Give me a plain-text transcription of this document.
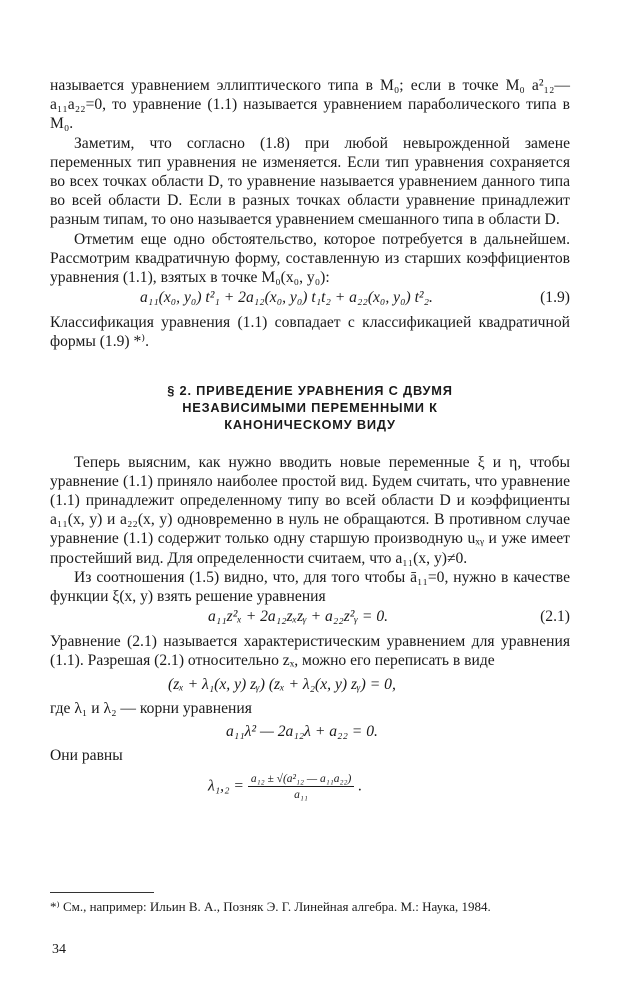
называется уравнением эллиптического типа в M₀; если в точке M₀ a²₁₂—a₁₁a₂₂=0, то уравнение (1.1) называется уравнением параболического типа в M₀.

Заметим, что согласно (1.8) при любой невырожденной замене переменных тип уравнения не изменяется. Если тип уравнения сохраняется во всех точках области D, то уравнение называется уравнением данного типа во всей области D. Если в разных точках области уравнение принадлежит разным типам, то оно называется уравнением смешанного типа в области D.

Отметим еще одно обстоятельство, которое потребуется в дальнейшем. Рассмотрим квадратичную форму, составленную из старших коэффициентов уравнения (1.1), взятых в точке M₀(x₀, y₀):

a₁₁(x₀, y₀) t²₁ + 2a₁₂(x₀, y₀) t₁t₂ + a₂₂(x₀, y₀) t²₂.	(1.9)

Классификация уравнения (1.1) совпадает с классификацией квадратичной формы (1.9) *⁾.

§ 2. ПРИВЕДЕНИЕ УРАВНЕНИЯ С ДВУМЯ
НЕЗАВИСИМЫМИ ПЕРЕМЕННЫМИ К
КАНОНИЧЕСКОМУ ВИДУ

Теперь выясним, как нужно вводить новые переменные ξ и η, чтобы уравнение (1.1) приняло наиболее простой вид. Будем считать, что уравнение (1.1) принадлежит определенному типу во всей области D и коэффициенты a₁₁(x, y) и a₂₂(x, y) одновременно в нуль не обращаются. В противном случае уравнение (1.1) содержит только одну старшую производную uₓᵧ и уже имеет простейший вид. Для определенности считаем, что a₁₁(x, y)≠0.

Из соотношения (1.5) видно, что, для того чтобы ā₁₁=0, нужно в качестве функции ξ(x, y) взять решение уравнения

a₁₁z²ₓ + 2a₁₂zₓzᵧ + a₂₂z²ᵧ = 0.	(2.1)

Уравнение (2.1) называется характеристическим уравнением для уравнения (1.1). Разрешая (2.1) относительно zₓ, можно его переписать в виде

(zₓ + λ₁(x, y) zᵧ) (zₓ + λ₂(x, y) zᵧ) = 0,

где λ₁ и λ₂ — корни уравнения

a₁₁λ² — 2a₁₂λ + a₂₂ = 0.

Они равны

$\lambda_1,_2 = \frac{\text{a₁₂ ± √(a²₁₂ — a₁₁a₂₂)}}{\text{a₁₁}}$ .
*⁾ См., например: Ильин В. А., Позняк Э. Г. Линейная алгебра. М.: Наука, 1984.
34
